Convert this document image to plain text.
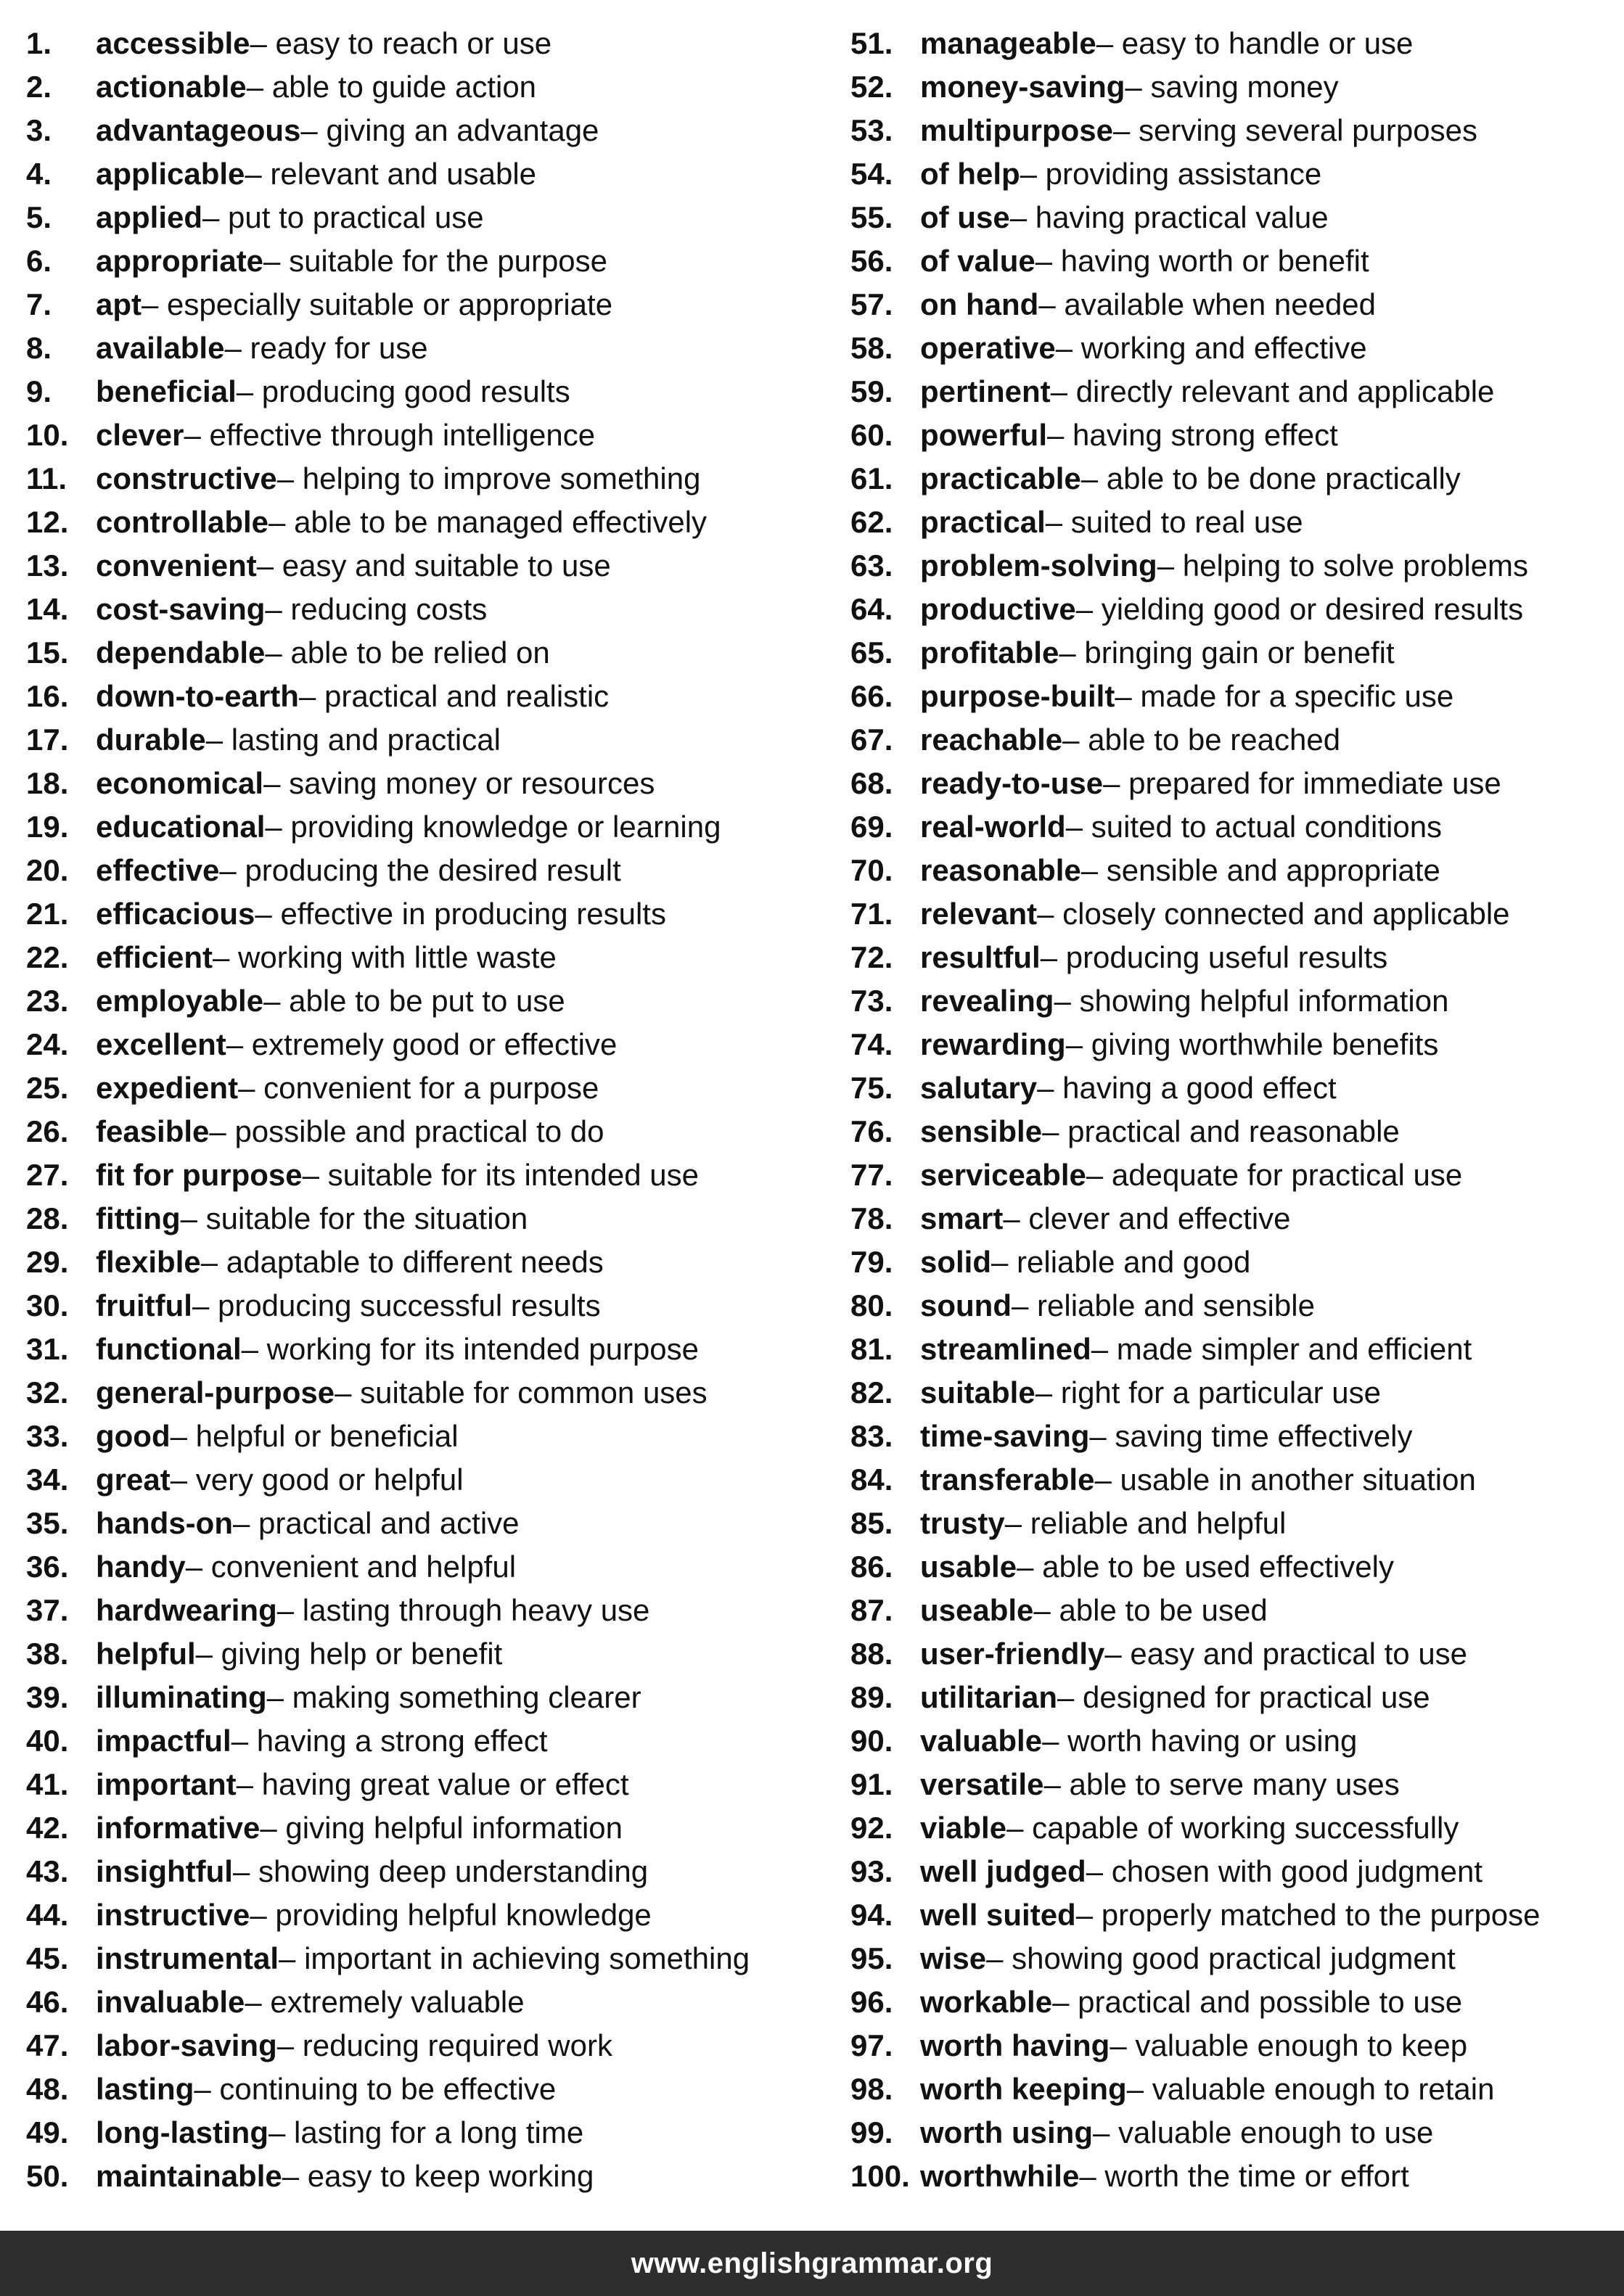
1.	accessible – easy to reach or use
2.	actionable – able to guide action
3.	advantageous – giving an advantage
4.	applicable – relevant and usable
5.	applied – put to practical use
6.	appropriate – suitable for the purpose
7.	apt – especially suitable or appropriate
8.	available – ready for use
9.	beneficial – producing good results
10. clever – effective through intelligence
11. constructive – helping to improve something
12. controllable – able to be managed effectively
13. convenient – easy and suitable to use
14. cost-saving – reducing costs
15. dependable – able to be relied on
16. down-to-earth – practical and realistic
17. durable – lasting and practical
18. economical – saving money or resources
19. educational – providing knowledge or learning
20. effective – producing the desired result
21. efficacious – effective in producing results
22. efficient – working with little waste
23. employable – able to be put to use
24. excellent – extremely good or effective
25. expedient – convenient for a purpose
26. feasible – possible and practical to do
27. fit for purpose – suitable for its intended use
28. fitting – suitable for the situation
29. flexible – adaptable to different needs
30. fruitful – producing successful results
31. functional – working for its intended purpose
32. general-purpose – suitable for common uses
33. good – helpful or beneficial
34. great – very good or helpful
35. hands-on – practical and active
36. handy – convenient and helpful
37. hardwearing – lasting through heavy use
38. helpful – giving help or benefit
39. illuminating – making something clearer
40. impactful – having a strong effect
41. important – having great value or effect
42. informative – giving helpful information
43. insightful – showing deep understanding
44. instructive – providing helpful knowledge
45. instrumental – important in achieving something
46. invaluable – extremely valuable
47. labor-saving – reducing required work
48. lasting – continuing to be effective
49. long-lasting – lasting for a long time
50. maintainable – easy to keep working
51. manageable – easy to handle or use
52. money-saving – saving money
53. multipurpose – serving several purposes
54. of help – providing assistance
55. of use – having practical value
56. of value – having worth or benefit
57. on hand – available when needed
58. operative – working and effective
59. pertinent – directly relevant and applicable
60. powerful – having strong effect
61. practicable – able to be done practically
62. practical – suited to real use
63. problem-solving – helping to solve problems
64. productive – yielding good or desired results
65. profitable – bringing gain or benefit
66. purpose-built – made for a specific use
67. reachable – able to be reached
68. ready-to-use – prepared for immediate use
69. real-world – suited to actual conditions
70. reasonable – sensible and appropriate
71. relevant – closely connected and applicable
72. resultful – producing useful results
73. revealing – showing helpful information
74. rewarding – giving worthwhile benefits
75. salutary – having a good effect
76. sensible – practical and reasonable
77. serviceable – adequate for practical use
78. smart – clever and effective
79. solid – reliable and good
80. sound – reliable and sensible
81. streamlined – made simpler and efficient
82. suitable – right for a particular use
83. time-saving – saving time effectively
84. transferable – usable in another situation
85. trusty – reliable and helpful
86. usable – able to be used effectively
87. useable – able to be used
88. user-friendly – easy and practical to use
89. utilitarian – designed for practical use
90. valuable – worth having or using
91. versatile – able to serve many uses
92. viable – capable of working successfully
93. well judged – chosen with good judgment
94. well suited – properly matched to the purpose
95. wise – showing good practical judgment
96. workable – practical and possible to use
97. worth having – valuable enough to keep
98. worth keeping – valuable enough to retain
99. worth using – valuable enough to use
100. worthwhile – worth the time or effort
www.englishgrammar.org
